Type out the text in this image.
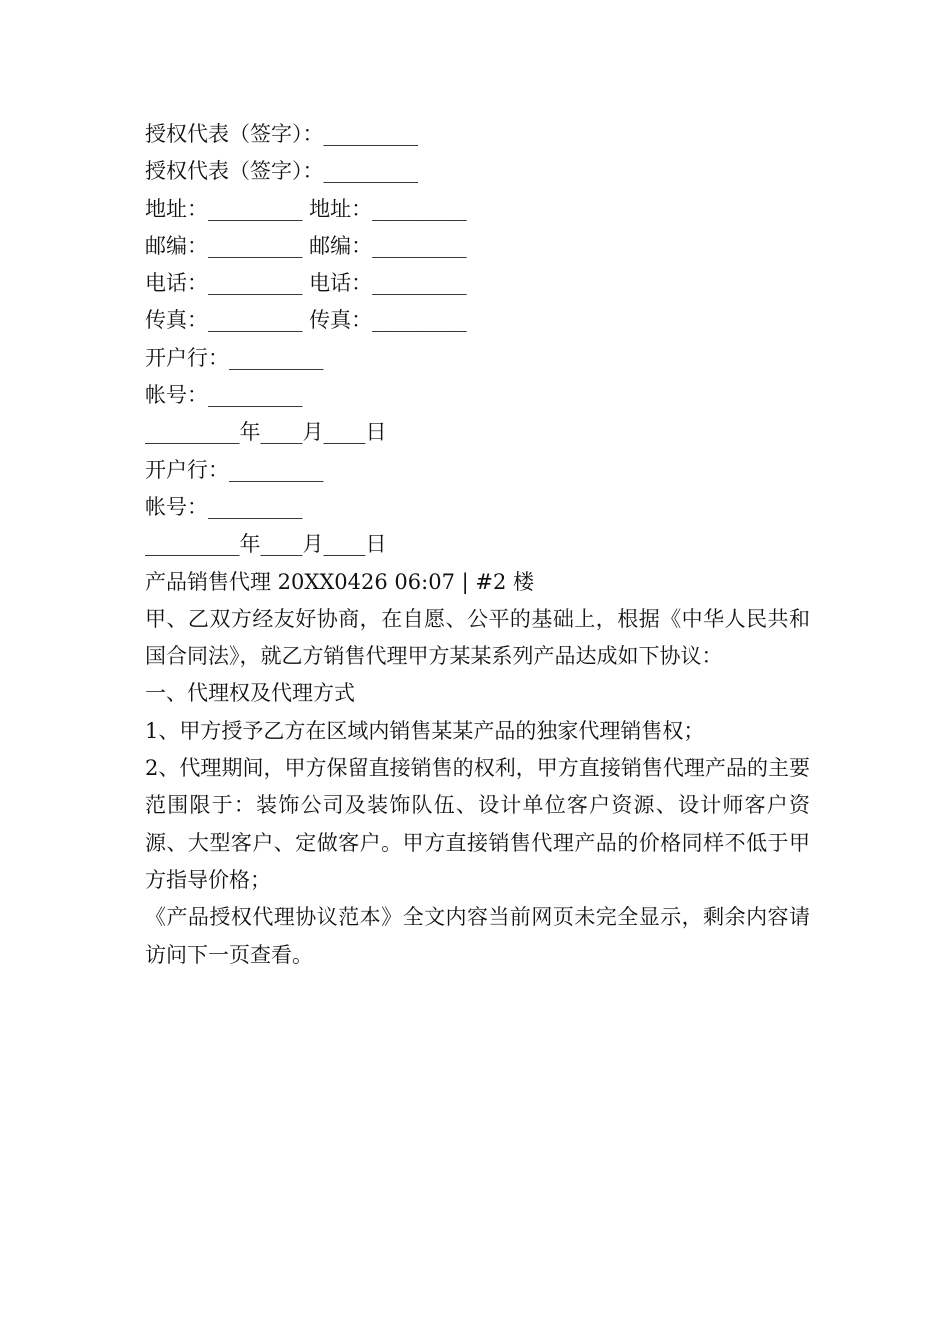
授权代表（签字）：_________
授权代表（签字）：_________
地址：_________ 地址：_________
邮编：_________ 邮编：_________
电话：_________ 电话：_________
传真：_________ 传真：_________
开户行：_________
帐号：_________
_________年____月____日
开户行：_________
帐号：_________
_________年____月____日
产品销售代理 20XX0426 06:07 | #2 楼
甲、乙双方经友好协商，在自愿、公平的基础上，根据《中华人民共和国合同法》，就乙方销售代理甲方某某系列产品达成如下协议：
一、代理权及代理方式
1、甲方授予乙方在区域内销售某某产品的独家代理销售权；
2、代理期间，甲方保留直接销售的权利，甲方直接销售代理产品的主要范围限于：装饰公司及装饰队伍、设计单位客户资源、设计师客户资源、大型客户、定做客户。甲方直接销售代理产品的价格同样不低于甲方指导价格；
《产品授权代理协议范本》全文内容当前网页未完全显示，剩余内容请访问下一页查看。
